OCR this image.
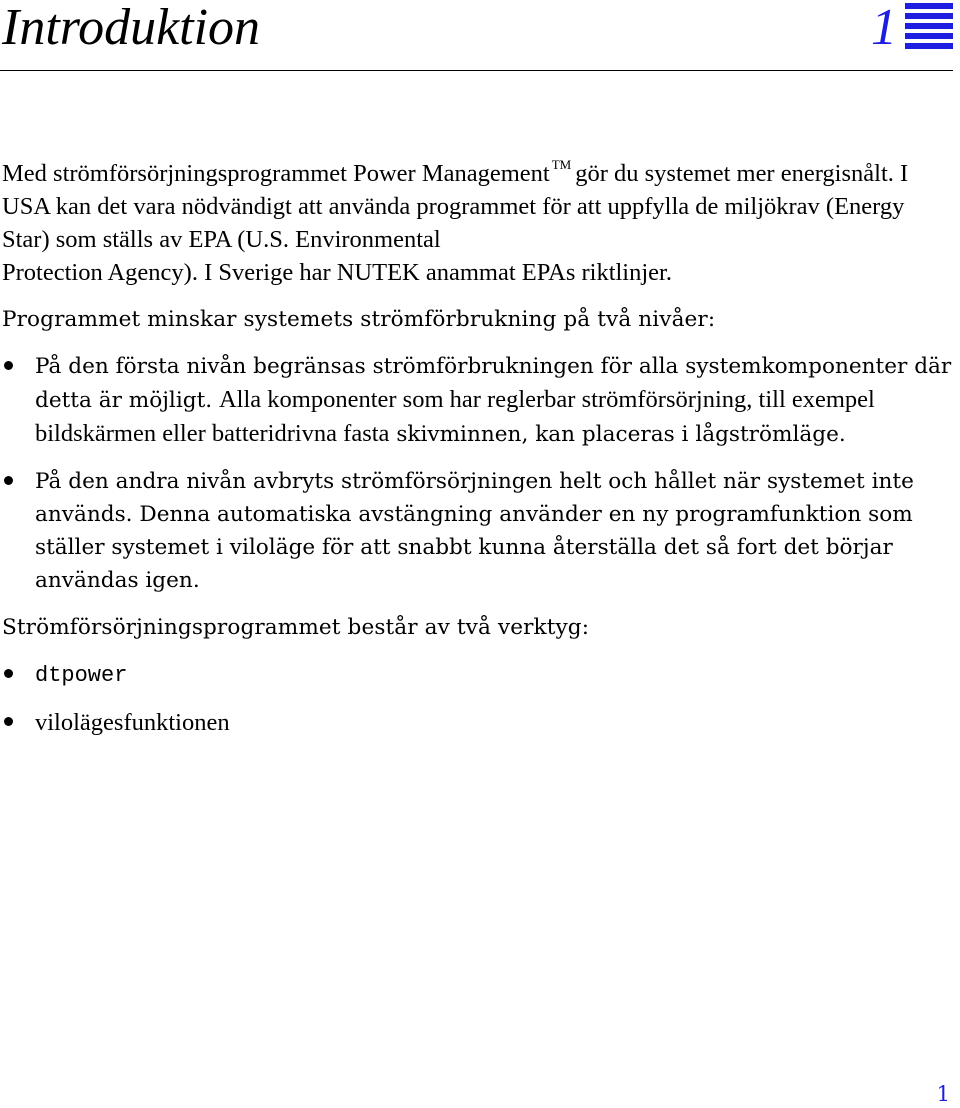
Introduktion	1

Med strömförsörjningsprogrammet Power Management ™ gör du systemet mer energisnålt. I USA kan det vara nödvändigt att använda programmet för att uppfylla de miljökrav (Energy Star) som ställs av EPA (U.S. Environmental
Protection Agency). I Sverige har NUTEK anammat EPAs riktlinjer.

Programmet minskar systemets strömförbrukning på två nivåer:

På den första nivån begränsas strömförbrukningen för alla systemkomponenter där detta är möjligt. Alla komponenter som har reglerbar strömförsörjning, till exempel bildskärmen eller batteridrivna fasta skivminnen, kan placeras i lågströmläge.
På den andra nivån avbryts strömförsörjningen helt och hållet när systemet inte används. Denna automatiska avstängning använder en ny programfunktion som ställer systemet i viloläge för att snabbt kunna återställa det så fort det börjar användas igen.

Strömförsörjningsprogrammet består av två verktyg:

dtpower
vilolägesfunktionen
1
